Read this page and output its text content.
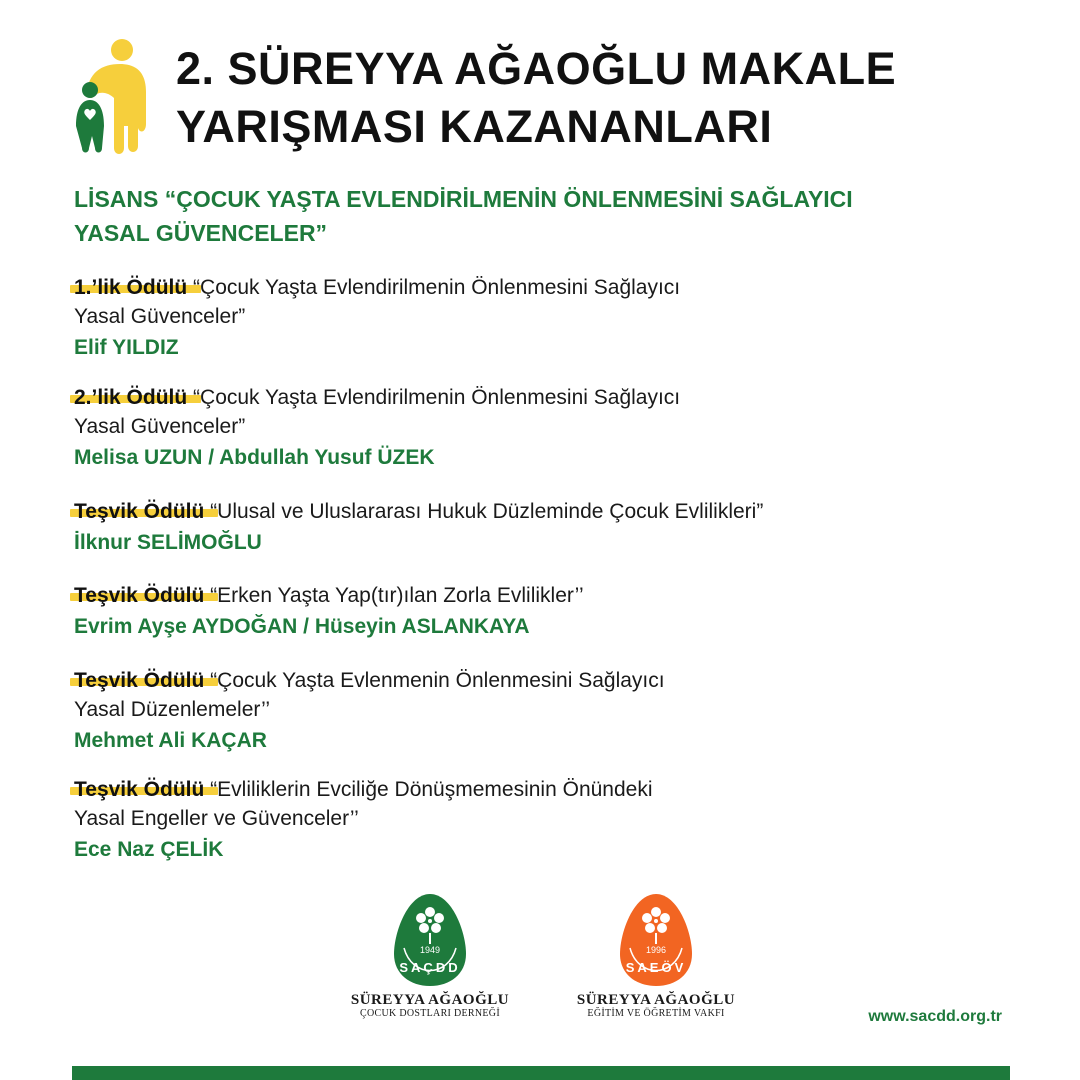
2. SÜREYYA AĞAOĞLU MAKALE
YARIŞMASI KAZANANLARI
LİSANS “ÇOCUK YAŞTA EVLENDİRİLMENİN ÖNLENMESİNİ SAĞLAYICI
YASAL GÜVENCELER”
1.’lik Ödülü “Çocuk Yaşta Evlendirilmenin Önlenmesini Sağlayıcı
Yasal Güvenceler”
Elif YILDIZ
2.’lik Ödülü “Çocuk Yaşta Evlendirilmenin Önlenmesini Sağlayıcı
Yasal Güvenceler”
Melisa UZUN / Abdullah Yusuf ÜZEK
Teşvik Ödülü “Ulusal ve Uluslararası Hukuk Düzleminde Çocuk Evlilikleri”
İlknur SELİMOĞLU
Teşvik Ödülü “Erken Yaşta Yap(tır)ılan Zorla Evlilikler’’
Evrim Ayşe AYDOĞAN / Hüseyin ASLANKAYA
Teşvik Ödülü “Çocuk Yaşta Evlenmenin Önlenmesini Sağlayıcı
Yasal Düzenlemeler’’
Mehmet Ali KAÇAR
Teşvik Ödülü “Evliliklerin Evciliğe Dönüşmemesinin Önündeki
Yasal Engeller ve Güvenceler’’
Ece Naz ÇELİK
1949
SAÇDD
SÜREYYA AĞAOĞLU
ÇOCUK DOSTLARI DERNEĞİ
1996
SAEÖV
SÜREYYA AĞAOĞLU
EĞİTİM VE ÖĞRETİM VAKFI	www.sacdd.org.tr
